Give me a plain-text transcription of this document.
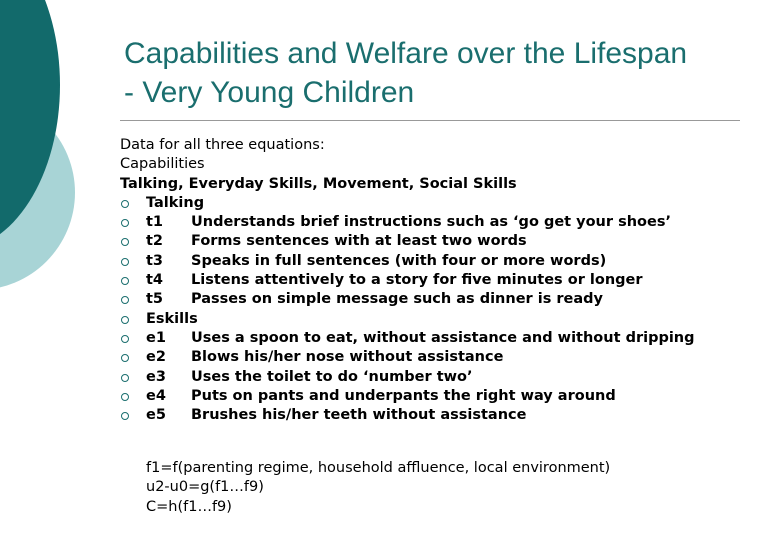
Capabilities and Welfare over the Lifespan
- Very Young Children

Data for all three equations:

Capabilities

Talking, Everyday Skills, Movement, Social Skills

Talking
t1 Understands brief instructions such as ‘go get your shoes’
t2 Forms sentences with at least two words
t3 Speaks in full sentences (with four or more words)
t4 Listens attentively to a story for five minutes or longer
t5 Passes on simple message such as dinner is ready
Eskills
e1 Uses a spoon to eat, without assistance and without dripping
e2 Blows his/her nose without assistance
e3 Uses the toilet to do ‘number two’
e4 Puts on pants and underpants the right way around
e5 Brushes his/her teeth without assistance
f1=f(parenting regime, household affluence, local environment)
u2-u0=g(f1…f9)
C=h(f1…f9)
